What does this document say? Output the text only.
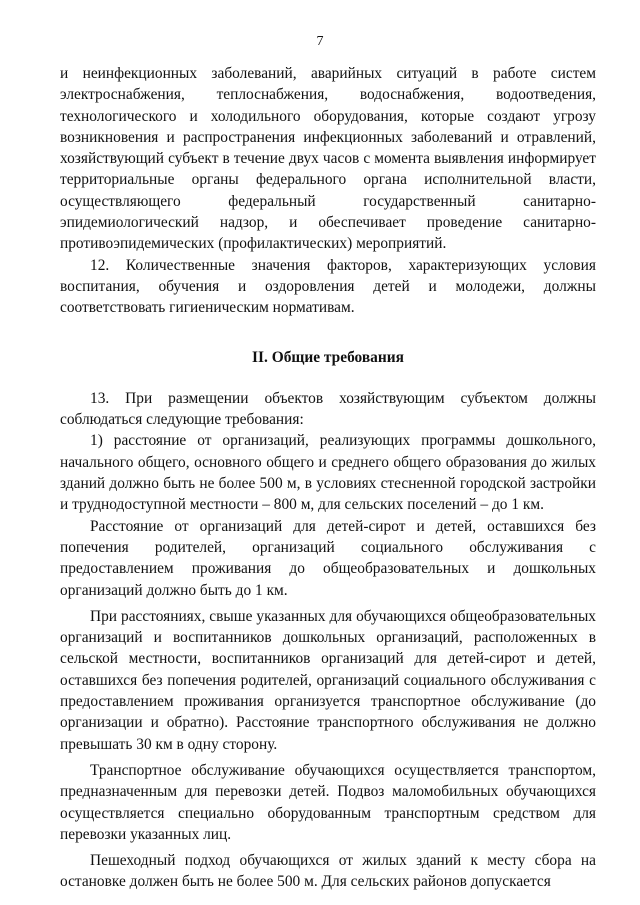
7

и неинфекционных заболеваний, аварийных ситуаций в работе систем электроснабжения, теплоснабжения, водоснабжения, водоотведения, технологического и холодильного оборудования, которые создают угрозу возникновения и распространения инфекционных заболеваний и отравлений, хозяйствующий субъект в течение двух часов с момента выявления информирует территориальные органы федерального органа исполнительной власти, осуществляющего федеральный государственный санитарно-эпидемиологический надзор, и обеспечивает проведение санитарно-противоэпидемических (профилактических) мероприятий.

12. Количественные значения факторов, характеризующих условия воспитания, обучения и оздоровления детей и молодежи, должны соответствовать гигиеническим нормативам.

II. Общие требования

13. При размещении объектов хозяйствующим субъектом должны соблюдаться следующие требования:

1) расстояние от организаций, реализующих программы дошкольного, начального общего, основного общего и среднего общего образования до жилых зданий должно быть не более 500 м, в условиях стесненной городской застройки и труднодоступной местности – 800 м, для сельских поселений – до 1 км.

Расстояние от организаций для детей-сирот и детей, оставшихся без попечения родителей, организаций социального обслуживания с предоставлением проживания до общеобразовательных и дошкольных организаций должно быть до 1 км.

При расстояниях, свыше указанных для обучающихся общеобразовательных организаций и воспитанников дошкольных организаций, расположенных в сельской местности, воспитанников организаций для детей-сирот и детей, оставшихся без попечения родителей, организаций социального обслуживания с предоставлением проживания организуется транспортное обслуживание (до организации и обратно). Расстояние транспортного обслуживания не должно превышать 30 км в одну сторону.

Транспортное обслуживание обучающихся осуществляется транспортом, предназначенным для перевозки детей. Подвоз маломобильных обучающихся осуществляется специально оборудованным транспортным средством для перевозки указанных лиц.

Пешеходный подход обучающихся от жилых зданий к месту сбора на остановке должен быть не более 500 м. Для сельских районов допускается
